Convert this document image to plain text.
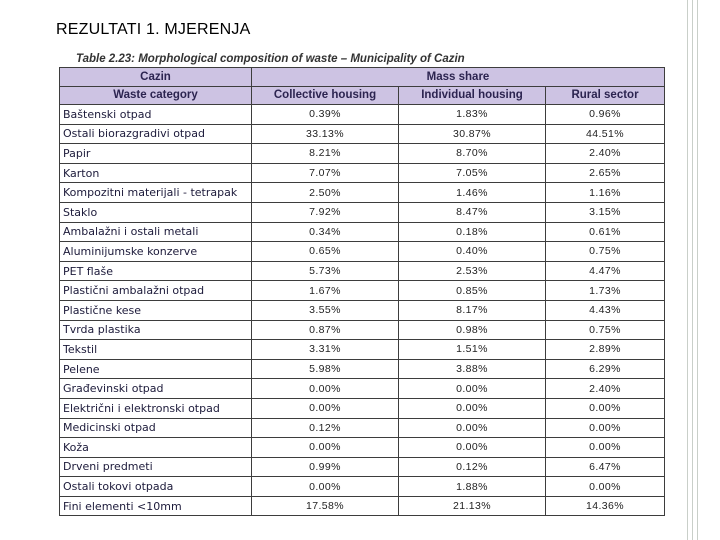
REZULTATI 1. MJERENJA
Table 2.23: Morphological composition of waste – Municipality of Cazin
Cazin	Mass share		
Waste category	Collective housing	Individual housing	Rural sector
Baštenski otpad	0.39%	1.83%	0.96%
Ostali biorazgradivi otpad	33.13%	30.87%	44.51%
Papir	8.21%	8.70%	2.40%
Karton	7.07%	7.05%	2.65%
Kompozitni materijali - tetrapak	2.50%	1.46%	1.16%
Staklo	7.92%	8.47%	3.15%
Ambalažni i ostali metali	0.34%	0.18%	0.61%
Aluminijumske konzerve	0.65%	0.40%	0.75%
PET flaše	5.73%	2.53%	4.47%
Plastični ambalažni otpad	1.67%	0.85%	1.73%
Plastične kese	3.55%	8.17%	4.43%
Tvrda plastika	0.87%	0.98%	0.75%
Tekstil	3.31%	1.51%	2.89%
Pelene	5.98%	3.88%	6.29%
Građevinski otpad	0.00%	0.00%	2.40%
Električni i elektronski otpad	0.00%	0.00%	0.00%
Medicinski otpad	0.12%	0.00%	0.00%
Koža	0.00%	0.00%	0.00%
Drveni predmeti	0.99%	0.12%	6.47%
Ostali tokovi otpada	0.00%	1.88%	0.00%
Fini elementi <10mm	17.58%	21.13%	14.36%
